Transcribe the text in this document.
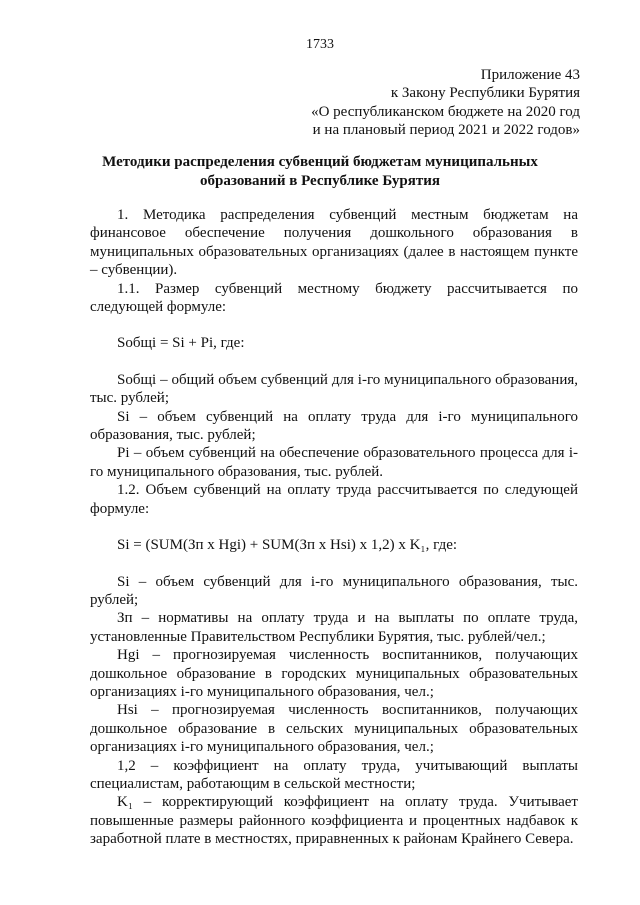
1733
Приложение 43
к Закону Республики Бурятия
«О республиканском бюджете на 2020 год
и на плановый период 2021 и 2022 годов»
Методики распределения субвенций бюджетам муниципальных
образований в Республике Бурятия

1. Методика распределения субвенций местным бюджетам на финансовое обеспечение получения дошкольного образования в муниципальных образовательных организациях (далее в настоящем пункте – субвенции).

1.1. Размер субвенций местному бюджету рассчитывается по следующей формуле:

Sобщi = Si + Pi, где:

Sобщi – общий объем субвенций для i-го муниципального образования, тыс. рублей;

Si – объем субвенций на оплату труда для i-го муниципального образования, тыс. рублей;

Pi – объем субвенций на обеспечение образовательного процесса для i-го муниципального образования, тыс. рублей.

1.2. Объем субвенций на оплату труда рассчитывается по следующей формуле:

Si = (SUM(Зп x Hgi) + SUM(Зп x Hsi) x 1,2) x K₁, где:

Si – объем субвенций для i-го муниципального образования, тыс. рублей;

Зп – нормативы на оплату труда и на выплаты по оплате труда, установленные Правительством Республики Бурятия, тыс. рублей/чел.;

Hgi – прогнозируемая численность воспитанников, получающих дошкольное образование в городских муниципальных образовательных организациях i-го муниципального образования, чел.;

Hsi – прогнозируемая численность воспитанников, получающих дошкольное образование в сельских муниципальных образовательных организациях i-го муниципального образования, чел.;

1,2 – коэффициент на оплату труда, учитывающий выплаты специалистам, работающим в сельской местности;

K₁ – корректирующий коэффициент на оплату труда. Учитывает повышенные размеры районного коэффициента и процентных надбавок к заработной плате в местностях, приравненных к районам Крайнего Севера.
